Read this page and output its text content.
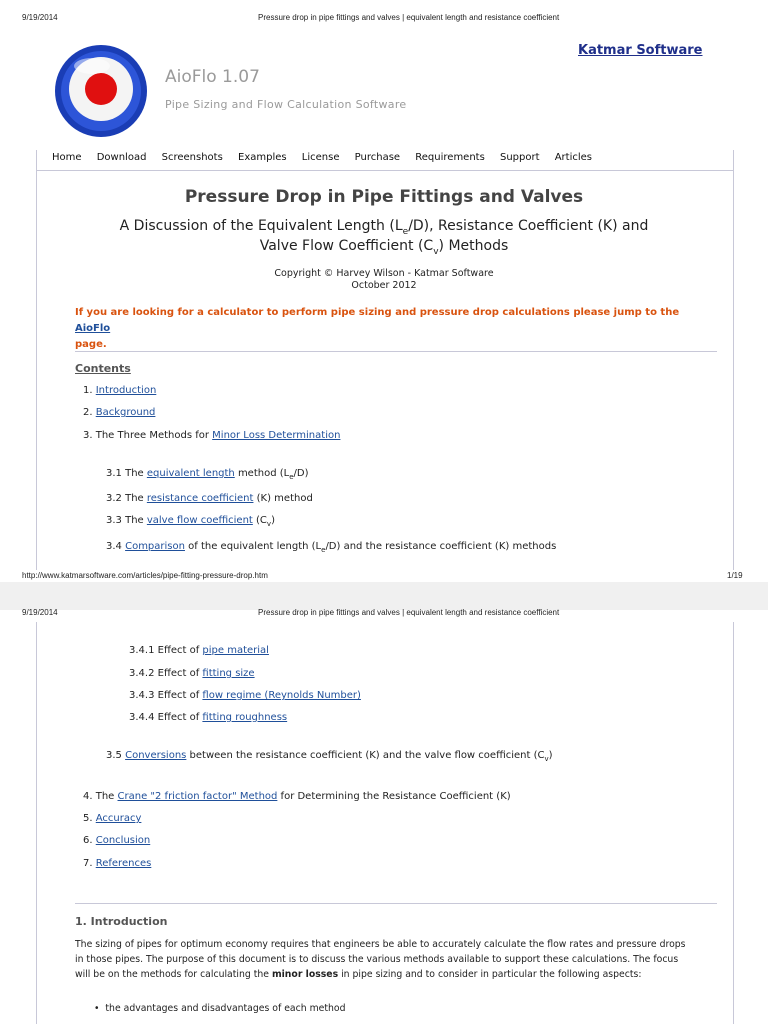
9/19/2014	Pressure drop in pipe fittings and valves | equivalent length and resistance coefficient
AioFlo 1.07
Pipe Sizing and Flow Calculation Software
Katmar Software
Home Download Screenshots Examples License Purchase Requirements Support Articles
Pressure Drop in Pipe Fittings and Valves
A Discussion of the Equivalent Length $(L_e/D)$, Resistance Coefficient (K) and
Valve Flow Coefficient $(C_v)$ Methods
Copyright © Harvey Wilson - Katmar Software
October 2012
If you are looking for a calculator to perform pipe sizing and pressure drop calculations please jump to the AioFlo
page.
Contents
1. Introduction
2. Background
3. The Three Methods for Minor Loss Determination
3.1 The equivalent length method $(L_e/D)$
3.2 The resistance coefficient (K) method
3.3 The valve flow coefficient $(C_v)$
3.4 Comparison of the equivalent length $(L_e/D)$ and the resistance coefficient (K) methods
http://www.katmarsoftware.com/articles/pipe-fitting-pressure-drop.htm	1/19
9/19/2014	Pressure drop in pipe fittings and valves | equivalent length and resistance coefficient
3.4.1 Effect of pipe material
3.4.2 Effect of fitting size
3.4.3 Effect of flow regime (Reynolds Number)
3.4.4 Effect of fitting roughness
3.5 Conversions between the resistance coefficient (K) and the valve flow coefficient $(C_v)$
4. The Crane "2 friction factor" Method for Determining the Resistance Coefficient (K)
5. Accuracy
6. Conclusion
7. References
1. Introduction
The sizing of pipes for optimum economy requires that engineers be able to accurately calculate the flow rates and pressure drops
in those pipes. The purpose of this document is to discuss the various methods available to support these calculations. The focus
will be on the methods for calculating the minor losses in pipe sizing and to consider in particular the following aspects:
• the advantages and disadvantages of each method
